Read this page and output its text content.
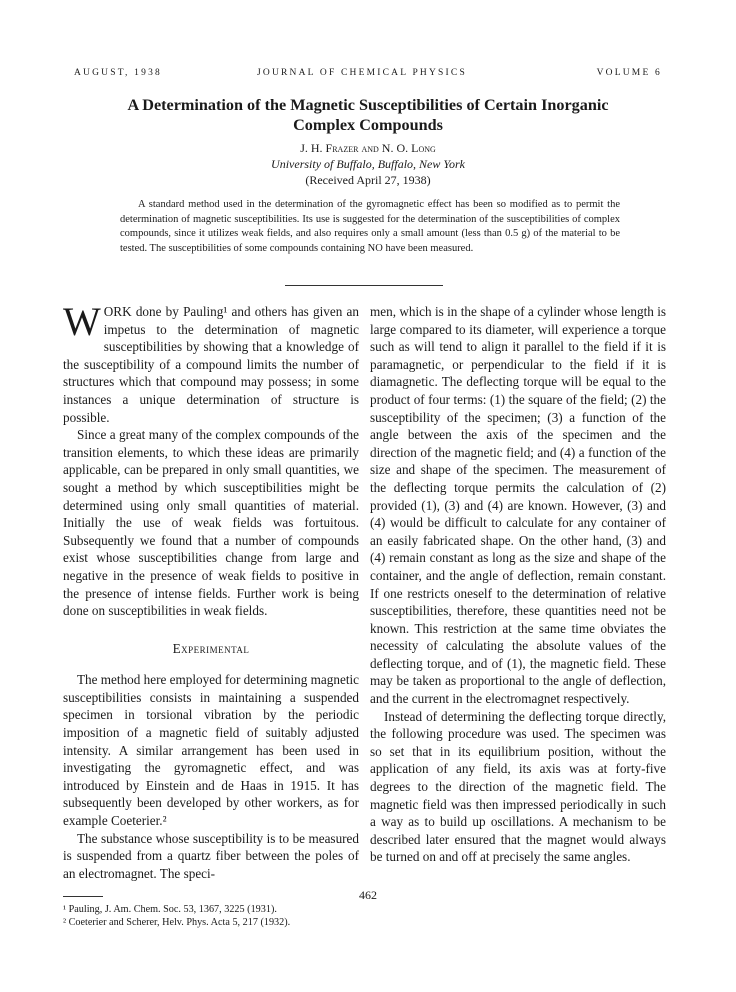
AUGUST, 1938	JOURNAL OF CHEMICAL PHYSICS	VOLUME 6
A Determination of the Magnetic Susceptibilities of Certain Inorganic
Complex Compounds
J. H. Frazer and N. O. Long
University of Buffalo, Buffalo, New York
(Received April 27, 1938)
A standard method used in the determination of the gyromagnetic effect has been so modified as to permit the determination of magnetic susceptibilities. Its use is suggested for the determination of the susceptibilities of complex compounds, since it utilizes weak fields, and also requires only a small amount (less than 0.5 g) of the material to be tested. The susceptibilities of some compounds containing NO have been measured.

W ORK done by Pauling¹ and others has given an impetus to the determination of magnetic susceptibilities by showing that a knowledge of the susceptibility of a compound limits the number of structures which that compound may possess; in some instances a unique determination of structure is possible.

Since a great many of the complex compounds of the transition elements, to which these ideas are primarily applicable, can be prepared in only small quantities, we sought a method by which susceptibilities might be determined using only small quantities of material. Initially the use of weak fields was fortuitous. Subsequently we found that a number of compounds exist whose susceptibilities change from large and negative in the presence of weak fields to positive in the presence of intense fields. Further work is being done on susceptibilities in weak fields.

Experimental

The method here employed for determining magnetic susceptibilities consists in maintaining a suspended specimen in torsional vibration by the periodic imposition of a magnetic field of suitably adjusted intensity. A similar arrangement has been used in investigating the gyromagnetic effect, and was introduced by Einstein and de Haas in 1915. It has subsequently been developed by other workers, as for example Coeterier.²

The substance whose susceptibility is to be measured is suspended from a quartz fiber between the poles of an electromagnet. The speci-

¹ Pauling, J. Am. Chem. Soc. 53, 1367, 3225 (1931).

² Coeterier and Scherer, Helv. Phys. Acta 5, 217 (1932).

men, which is in the shape of a cylinder whose length is large compared to its diameter, will experience a torque such as will tend to align it parallel to the field if it is paramagnetic, or perpendicular to the field if it is diamagnetic. The deflecting torque will be equal to the product of four terms: (1) the square of the field; (2) the susceptibility of the specimen; (3) a function of the angle between the axis of the specimen and the direction of the magnetic field; and (4) a function of the size and shape of the specimen. The measurement of the deflecting torque permits the calculation of (2) provided (1), (3) and (4) are known. However, (3) and (4) would be difficult to calculate for any container of an easily fabricated shape. On the other hand, (3) and (4) remain constant as long as the size and shape of the container, and the angle of deflection, remain constant. If one restricts oneself to the determination of relative susceptibilities, therefore, these quantities need not be known. This restriction at the same time obviates the necessity of calculating the absolute values of the deflecting torque, and of (1), the magnetic field. These may be taken as proportional to the angle of deflection, and the current in the electromagnet respectively.

Instead of determining the deflecting torque directly, the following procedure was used. The specimen was so set that in its equilibrium position, without the application of any field, its axis was at forty-five degrees to the direction of the magnetic field. The magnetic field was then impressed periodically in such a way as to build up oscillations. A mechanism to be described later ensured that the magnet would always be turned on and off at precisely the same angles.

462
